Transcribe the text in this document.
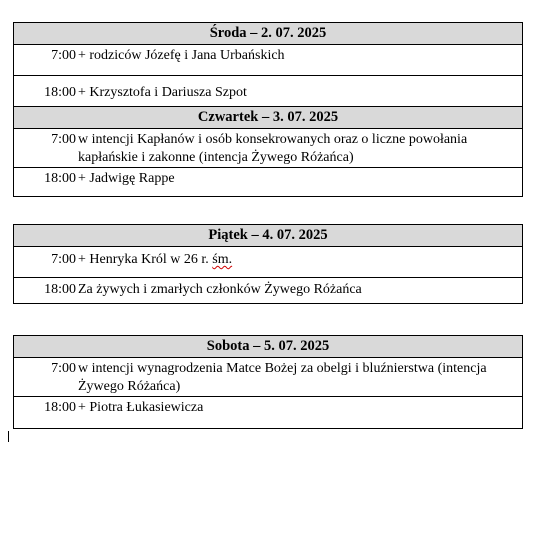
Środa – 2. 07. 2025

7:00 + rodziców Józefę i Jana Urbańskich

18:00 + Krzysztofa i Dariusza Szpot

Czwartek – 3. 07. 2025

7:00 w intencji Kapłanów i osób konsekrowanych oraz o liczne powołania kapłańskie i zakonne (intencja Żywego Różańca)

18:00 + Jadwigę Rappe
Piątek – 4. 07. 2025

7:00 + Henryka Król w 26 r. śm.

18:00 Za żywych i zmarłych członków Żywego Różańca
Sobota – 5. 07. 2025

7:00 w intencji wynagrodzenia Matce Bożej za obelgi i bluźnierstwa (intencja Żywego Różańca)

18:00 + Piotra Łukasiewicza
